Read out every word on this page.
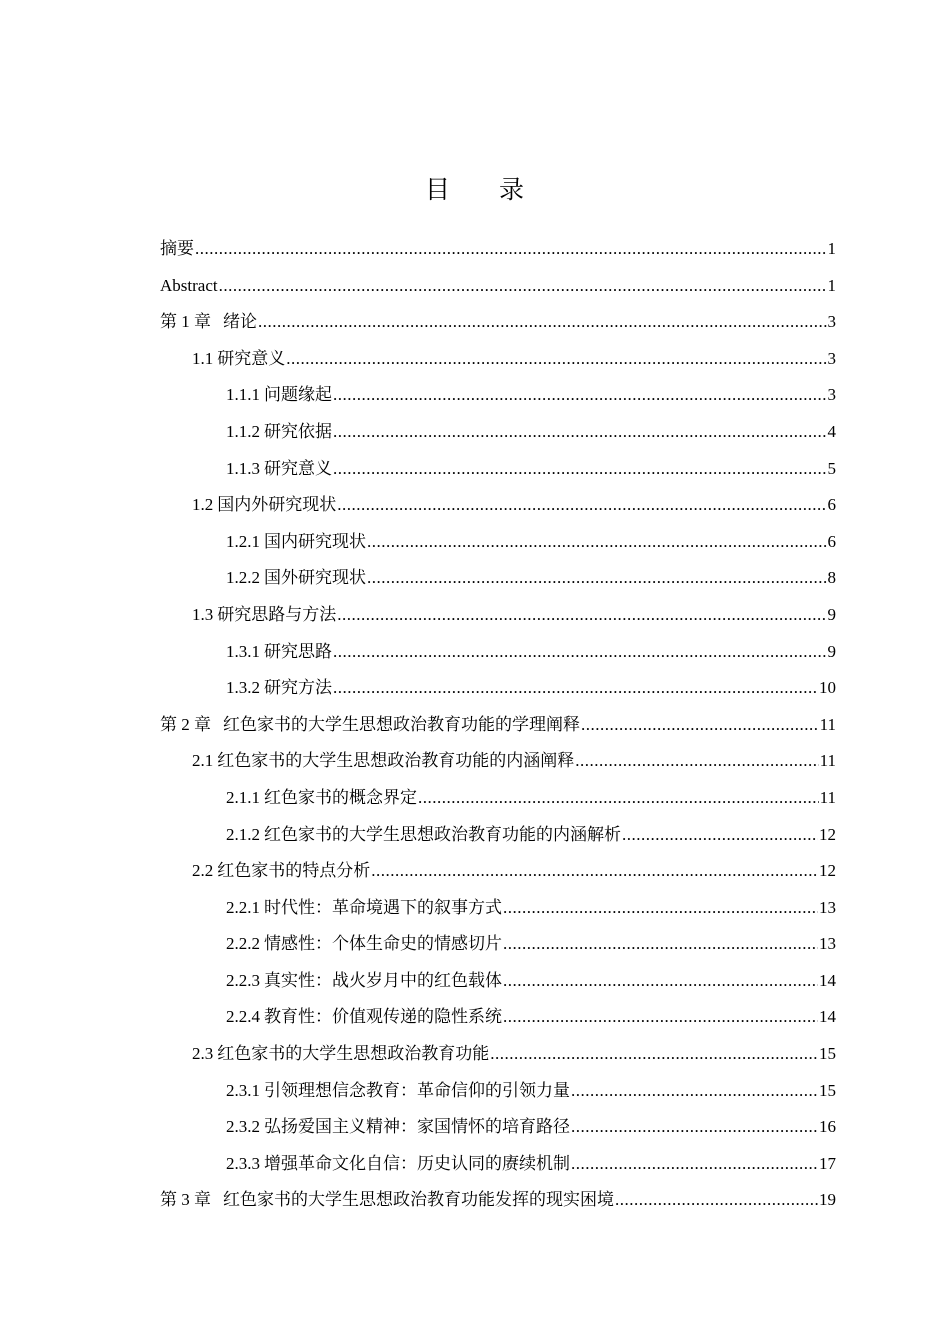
目 录
摘要 .....	1
Abstract .....	1
第 1 章 绪论 .....	3
1.1 研究意义 .....	3
1.1.1 问题缘起 .....	3
1.1.2 研究依据 .....	4
1.1.3 研究意义 .....	5
1.2 国内外研究现状 .....	6
1.2.1 国内研究现状 .....	6
1.2.2 国外研究现状 .....	8
1.3 研究思路与方法 .....	9
1.3.1 研究思路 .....	9
1.3.2 研究方法 .....	10
第 2 章 红色家书的大学生思想政治教育功能的学理阐释 .....	11
2.1 红色家书的大学生思想政治教育功能的内涵阐释 .....	11
2.1.1 红色家书的概念界定 .....	11
2.1.2 红色家书的大学生思想政治教育功能的内涵解析 .....	12
2.2 红色家书的特点分析 .....	12
2.2.1 时代性：革命境遇下的叙事方式 .....	13
2.2.2 情感性：个体生命史的情感切片 .....	13
2.2.3 真实性：战火岁月中的红色载体 .....	14
2.2.4 教育性：价值观传递的隐性系统 .....	14
2.3 红色家书的大学生思想政治教育功能 .....	15
2.3.1 引领理想信念教育：革命信仰的引领力量 .....	15
2.3.2 弘扬爱国主义精神：家国情怀的培育路径 .....	16
2.3.3 增强革命文化自信：历史认同的赓续机制 .....	17
第 3 章 红色家书的大学生思想政治教育功能发挥的现实困境 .....	19
